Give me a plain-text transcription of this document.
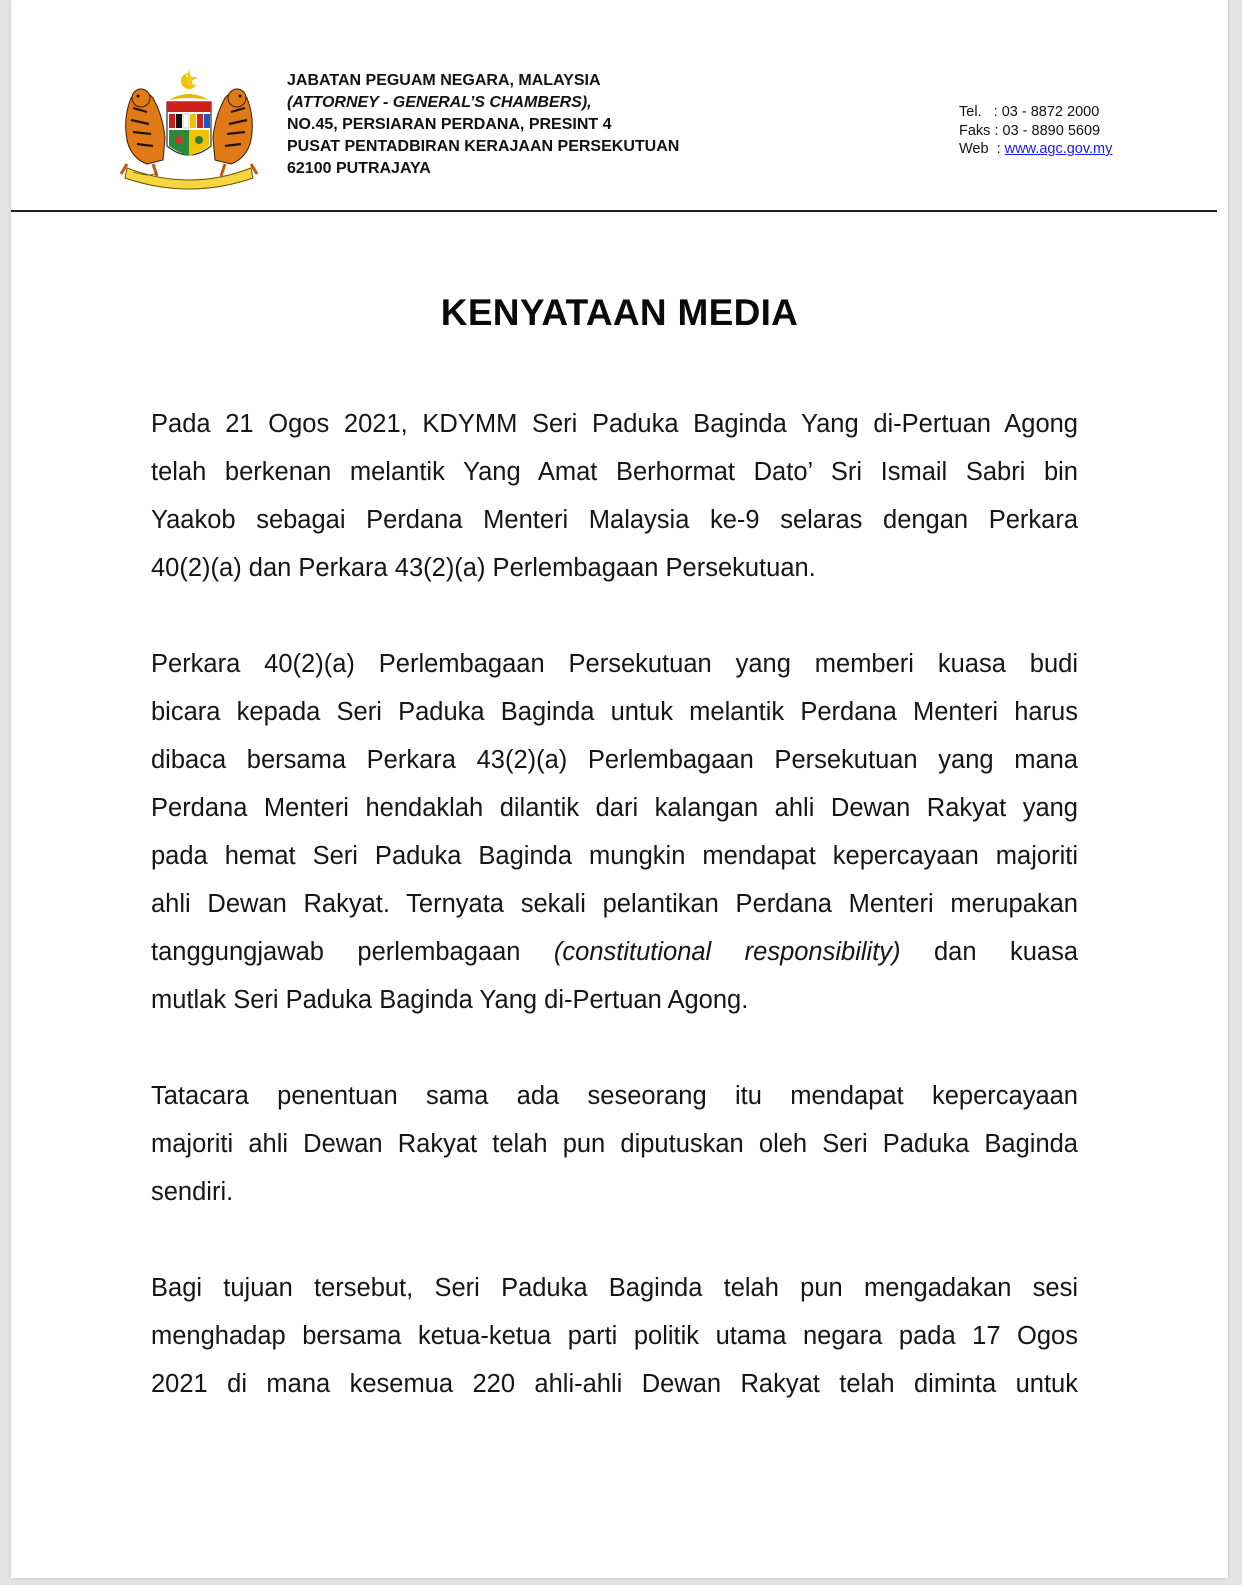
JABATAN PEGUAM NEGARA, MALAYSIA
(ATTORNEY - GENERAL’S CHAMBERS),
NO.45, PERSIARAN PERDANA, PRESINT 4
PUSAT PENTADBIRAN KERAJAAN PERSEKUTUAN
62100 PUTRAJAYA
Tel.   : 03 - 8872 2000
Faks : 03 - 8890 5609
Web  : www.agc.gov.my
KENYATAAN MEDIA

Pada 21 Ogos 2021, KDYMM Seri Paduka Baginda Yang di-Pertuan Agong
telah berkenan melantik Yang Amat Berhormat Dato’ Sri Ismail Sabri bin
Yaakob sebagai Perdana Menteri Malaysia ke-9 selaras dengan Perkara
40(2)(a) dan Perkara 43(2)(a) Perlembagaan Persekutuan.

Perkara 40(2)(a) Perlembagaan Persekutuan yang memberi kuasa budi
bicara kepada Seri Paduka Baginda untuk melantik Perdana Menteri harus
dibaca bersama Perkara 43(2)(a) Perlembagaan Persekutuan yang mana
Perdana Menteri hendaklah dilantik dari kalangan ahli Dewan Rakyat yang
pada hemat Seri Paduka Baginda mungkin mendapat kepercayaan majoriti
ahli Dewan Rakyat. Ternyata sekali pelantikan Perdana Menteri merupakan
tanggungjawab perlembagaan (constitutional responsibility) dan kuasa
mutlak Seri Paduka Baginda Yang di-Pertuan Agong.

Tatacara penentuan sama ada seseorang itu mendapat kepercayaan
majoriti ahli Dewan Rakyat telah pun diputuskan oleh Seri Paduka Baginda
sendiri.

Bagi tujuan tersebut, Seri Paduka Baginda telah pun mengadakan sesi
menghadap bersama ketua-ketua parti politik utama negara pada 17 Ogos
2021 di mana kesemua 220 ahli-ahli Dewan Rakyat telah diminta untuk
